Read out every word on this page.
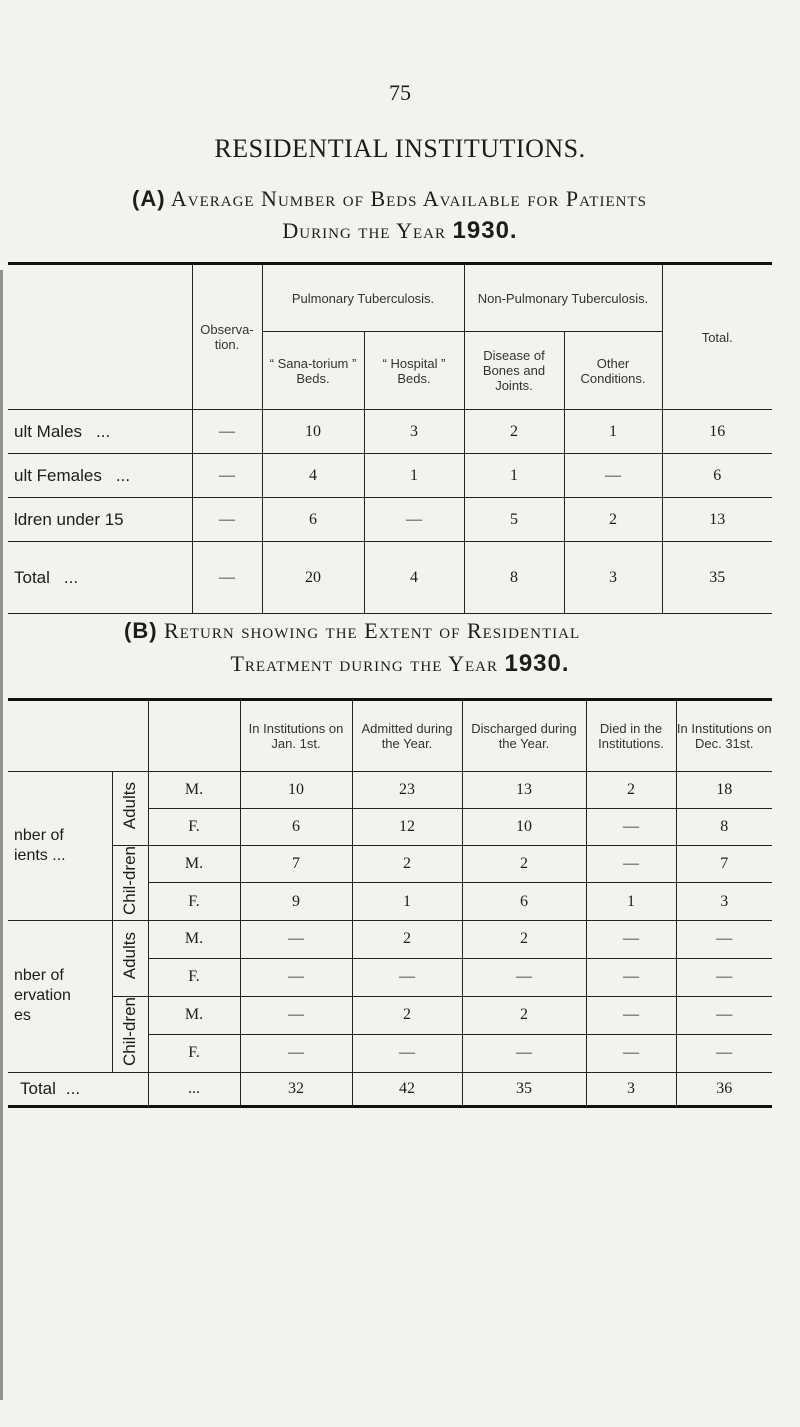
75
RESIDENTIAL INSTITUTIONS.
(A) Average Number of Beds Available for Patients
During the Year 1930.
	Observa-tion.	Pulmonary Tuberculosis.		Non-Pulmonary Tuberculosis.		Total.
		“ Sana-torium ” Beds.	“ Hospital ” Beds.	Disease of Bones and Joints.	Other Conditions.	
ult Males ...	—	10	3	2	1	16
ult Females ...	—	4	1	1	—	6
ldren under 15	—	6	—	5	2	13
Total ...	—	20	4	8	3	35
(B) Return showing the Extent of Residential
Treatment during the Year 1930.
			In Institutions on Jan. 1st.	Admitted during the Year.	Discharged during the Year.	Died in the Institutions.	In Institutions on Dec. 31st.

nber of
ients ...	Adults	M.	10	23	13	2	18
		F.	6	12	10	—	8
	Chil-dren	M.	7	2	2	—	7
		F.	9	1	6	1	3

nber of
ervation
es	Adults	M.	—	2	2	—	—
		F.	—	—	—	—	—
	Chil-dren	M.	—	2	2	—	—
		F.	—	—	—	—	—
Total ...		...	32	42	35	3	36
